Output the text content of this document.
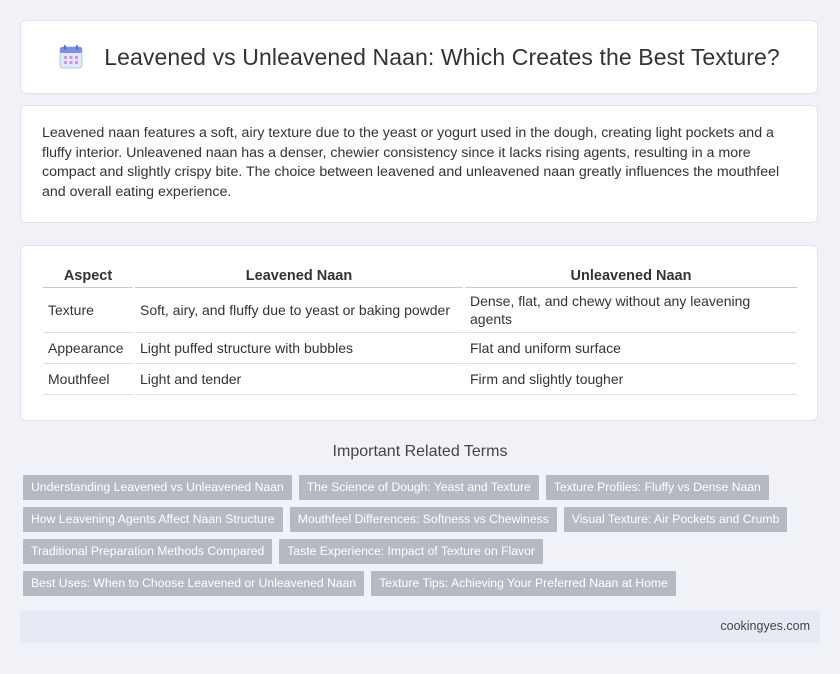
Leavened vs Unleavened Naan: Which Creates the Best Texture?

Leavened naan features a soft, airy texture due to the yeast or yogurt used in the dough, creating light pockets and a fluffy interior. Unleavened naan has a denser, chewier consistency since it lacks rising agents, resulting in a more compact and slightly crispy bite. The choice between leavened and unleavened naan greatly influences the mouthfeel and overall eating experience.

Aspect	Leavened Naan	Unleavened Naan
Texture	Soft, airy, and fluffy due to yeast or baking powder	Dense, flat, and chewy without any leavening agents
Appearance	Light puffed structure with bubbles	Flat and uniform surface
Mouthfeel	Light and tender	Firm and slightly tougher
Important Related Terms
Understanding Leavened vs Unleavened Naan	The Science of Dough: Yeast and Texture	Texture Profiles: Fluffy vs Dense Naan
How Leavening Agents Affect Naan Structure	Mouthfeel Differences: Softness vs Chewiness	Visual Texture: Air Pockets and Crumb
Traditional Preparation Methods Compared	Taste Experience: Impact of Texture on Flavor
Best Uses: When to Choose Leavened or Unleavened Naan	Texture Tips: Achieving Your Preferred Naan at Home
cookingyes.com
